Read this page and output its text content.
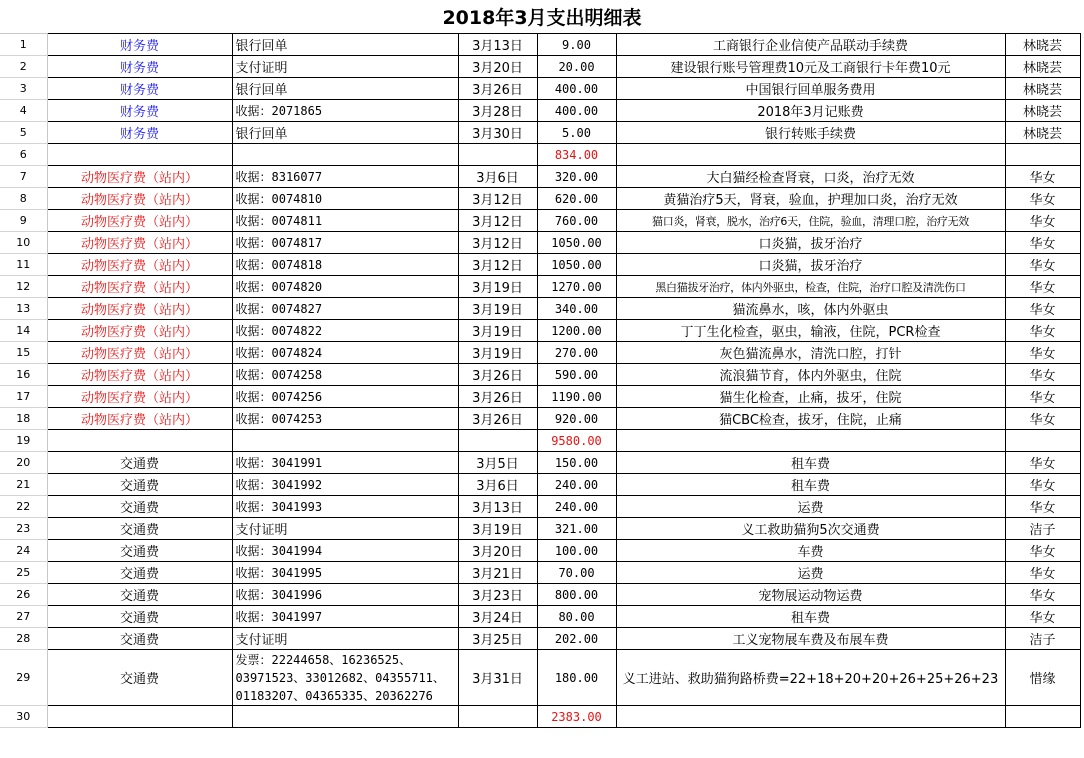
2018年3月支出明细表
1	财务费	银行回单	3月13日	9.00	工商银行企业信使产品联动手续费	林晓芸
2	财务费	支付证明	3月20日	20.00	建设银行账号管理费10元及工商银行卡年费10元	林晓芸
3	财务费	银行回单	3月26日	400.00	中国银行回单服务费用	林晓芸
4	财务费	收据：2071865	3月28日	400.00	2018年3月记账费	林晓芸
5	财务费	银行回单	3月30日	5.00	银行转账手续费	林晓芸
6				834.00		
7	动物医疗费（站内）	收据：8316077	3月6日	320.00	大白猫经检查肾衰，口炎，治疗无效	华女
8	动物医疗费（站内）	收据：0074810	3月12日	620.00	黄猫治疗5天，肾衰，验血，护理加口炎，治疗无效	华女
9	动物医疗费（站内）	收据：0074811	3月12日	760.00	猫口炎，肾衰，脱水，治疗6天，住院，验血，清理口腔，治疗无效	华女
10	动物医疗费（站内）	收据：0074817	3月12日	1050.00	口炎猫，拔牙治疗	华女
11	动物医疗费（站内）	收据：0074818	3月12日	1050.00	口炎猫，拔牙治疗	华女
12	动物医疗费（站内）	收据：0074820	3月19日	1270.00	黑白猫拔牙治疗，体内外驱虫，检查，住院，治疗口腔及清洗伤口	华女
13	动物医疗费（站内）	收据：0074827	3月19日	340.00	猫流鼻水，咳，体内外驱虫	华女
14	动物医疗费（站内）	收据：0074822	3月19日	1200.00	丁丁生化检查，驱虫，输液，住院，PCR检查	华女
15	动物医疗费（站内）	收据：0074824	3月19日	270.00	灰色猫流鼻水，清洗口腔，打针	华女
16	动物医疗费（站内）	收据：0074258	3月26日	590.00	流浪猫节育，体内外驱虫，住院	华女
17	动物医疗费（站内）	收据：0074256	3月26日	1190.00	猫生化检查，止痛，拔牙，住院	华女
18	动物医疗费（站内）	收据：0074253	3月26日	920.00	猫CBC检查，拔牙，住院，止痛	华女
19				9580.00		
20	交通费	收据：3041991	3月5日	150.00	租车费	华女
21	交通费	收据：3041992	3月6日	240.00	租车费	华女
22	交通费	收据：3041993	3月13日	240.00	运费	华女
23	交通费	支付证明	3月19日	321.00	义工救助猫狗5次交通费	洁子
24	交通费	收据：3041994	3月20日	100.00	车费	华女
25	交通费	收据：3041995	3月21日	70.00	运费	华女
26	交通费	收据：3041996	3月23日	800.00	宠物展运动物运费	华女
27	交通费	收据：3041997	3月24日	80.00	租车费	华女
28	交通费	支付证明	3月25日	202.00	工义宠物展车费及布展车费	洁子
29	交通费	发票：22244658、16236525、03971523、33012682、04355711、01183207、04365335、20362276	3月31日	180.00	义工进站、救助猫狗路桥费=22+18+20+20+26+25+26+23	惜缘
30				2383.00		
